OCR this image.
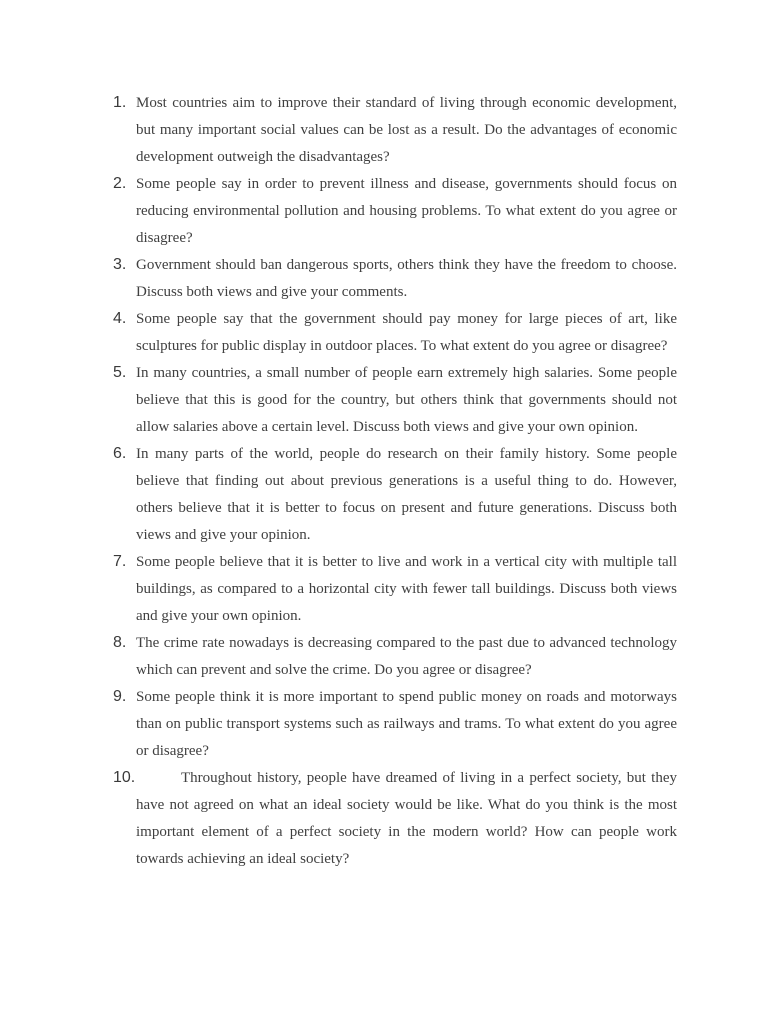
1. Most countries aim to improve their standard of living through economic development, but many important social values can be lost as a result. Do the advantages of economic development outweigh the disadvantages?
2. Some people say in order to prevent illness and disease, governments should focus on reducing environmental pollution and housing problems. To what extent do you agree or disagree?
3. Government should ban dangerous sports, others think they have the freedom to choose. Discuss both views and give your comments.
4. Some people say that the government should pay money for large pieces of art, like sculptures for public display in outdoor places. To what extent do you agree or disagree?
5. In many countries, a small number of people earn extremely high salaries. Some people believe that this is good for the country, but others think that governments should not allow salaries above a certain level. Discuss both views and give your own opinion.
6. In many parts of the world, people do research on their family history. Some people believe that finding out about previous generations is a useful thing to do. However, others believe that it is better to focus on present and future generations. Discuss both views and give your opinion.
7. Some people believe that it is better to live and work in a vertical city with multiple tall buildings, as compared to a horizontal city with fewer tall buildings. Discuss both views and give your own opinion.
8. The crime rate nowadays is decreasing compared to the past due to advanced technology which can prevent and solve the crime. Do you agree or disagree?
9. Some people think it is more important to spend public money on roads and motorways than on public transport systems such as railways and trams. To what extent do you agree or disagree?
10.	Throughout history, people have dreamed of living in a perfect society, but they have not agreed on what an ideal society would be like. What do you think is the most important element of a perfect society in the modern world? How can people work towards achieving an ideal society?
